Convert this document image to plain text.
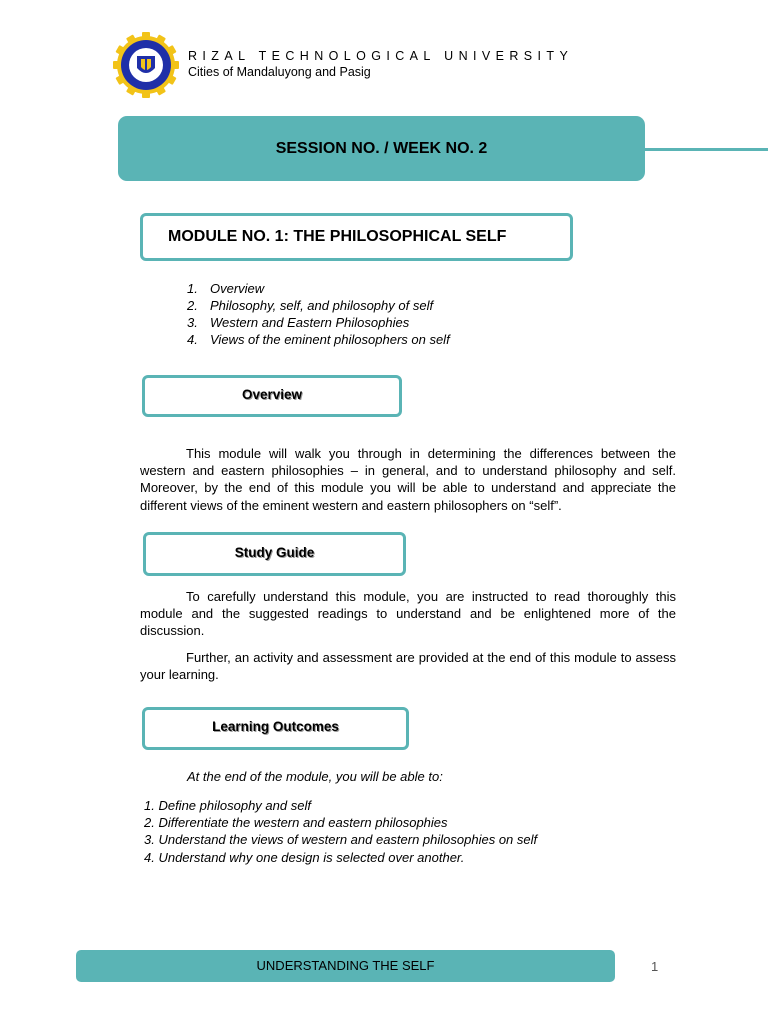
RIZAL TECHNOLOGICAL UNIVERSITY
Cities of Mandaluyong and Pasig
SESSION NO. / WEEK NO. 2
MODULE NO. 1: THE PHILOSOPHICAL SELF
1. Overview
2. Philosophy, self, and philosophy of self
3. Western and Eastern Philosophies
4. Views of the eminent philosophers on self
Overview

This module will walk you through in determining the differences between the western and eastern philosophies – in general, and to understand philosophy and self. Moreover, by the end of this module you will be able to understand and appreciate the different views of the eminent western and eastern philosophers on “self”.

Study Guide

To carefully understand this module, you are instructed to read thoroughly this module and the suggested readings to understand and be enlightened more of the discussion.

Further, an activity and assessment are provided at the end of this module to assess your learning.

Learning Outcomes
At the end of the module, you will be able to:
1. Define philosophy and self
2. Differentiate the western and eastern philosophies
3. Understand the views of western and eastern philosophies on self
4. Understand why one design is selected over another.
UNDERSTANDING THE SELF	1
